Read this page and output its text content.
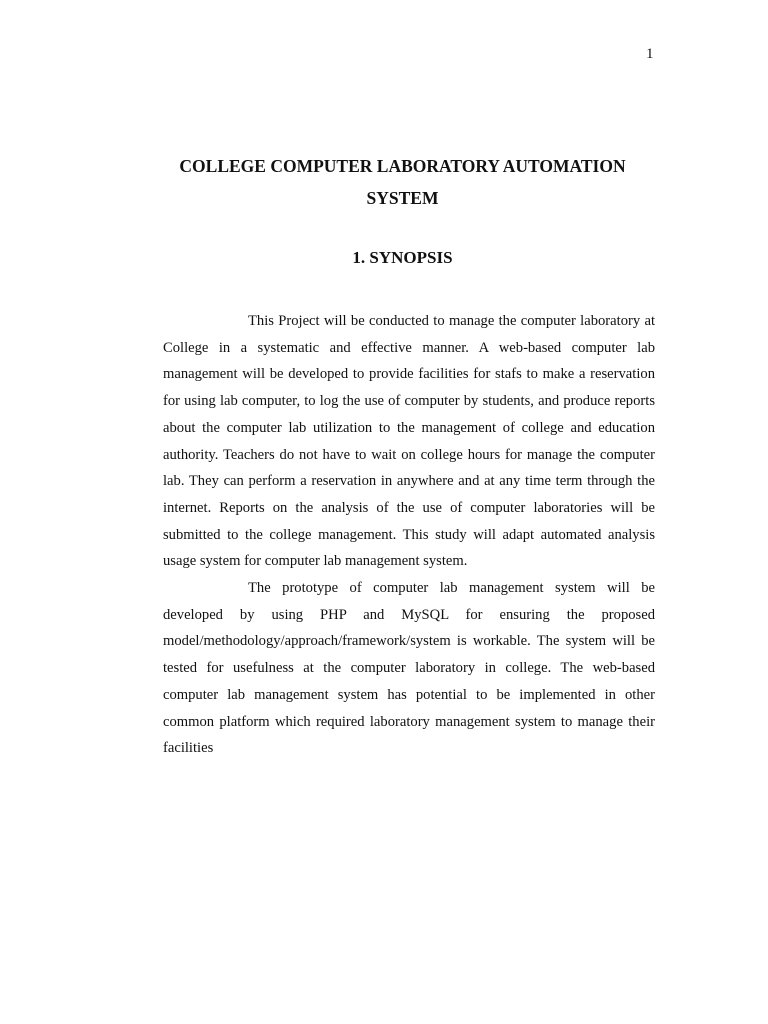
1
COLLEGE COMPUTER LABORATORY AUTOMATION
SYSTEM
1. SYNOPSIS

This Project will be conducted to manage the computer laboratory at College in a systematic and effective manner. A web-based computer lab management will be developed to provide facilities for stafs to make a reservation for using lab computer, to log the use of computer by students, and produce reports about the computer lab utilization to the management of college and education authority. Teachers do not have to wait on college hours for manage the computer lab. They can perform a reservation in anywhere and at any time term through the internet. Reports on the analysis of the use of computer laboratories will be submitted to the college management. This study will adapt automated analysis usage system for computer lab management system.

The prototype of computer lab management system will be developed by using PHP and MySQL for ensuring the proposed model/methodology/approach/framework/system is workable. The system will be tested for usefulness at the computer laboratory in college. The web-based computer lab management system has potential to be implemented in other common platform which required laboratory management system to manage their facilities
